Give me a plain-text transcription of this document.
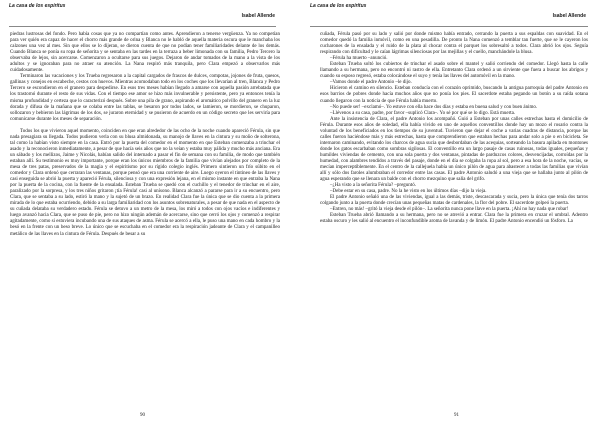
La casa de los espíritus
Isabel Allende

piedras lustrosas del fondo. Pero había cosas que ya no compartían como antes. Aprendieron a tenerse vergüenza. Ya no competían para ver quién era capaz de hacer el chorro más grande de orina y Blanca no le habló de aquella materia oscura que le manchaba los calzones una vez al mes. Sin que ellos se lo dijeran, se dieron cuenta de que no podían tener familiaridades delante de los demás. Cuando Blanca se ponía su ropa de señorita y se sentaba en las tardes en la terraza a beber limonada con su familia, Pedro Tercero la observaba de lejos, sin acercarse. Comenzaron a ocultarse para sus juegos. Dejaron de andar tomados de la mano a la vista de los adultos y se ignoraban para no atraer su atención. La Nana respiró más tranquila, pero Clara empezó a observarlos más cuidadosamente.

Terminaron las vacaciones y los Trueba regresaron a la capital cargados de frascos de dulces, compotas, jojones de fruta, quesos, gallinas y conejos en escabeche, cestos con huevos. Mientras acomodaban todo en los coches que los llevarían al tren, Blanca y Pedro Tercero se escondieron en el granero para despedirse. En esos tres meses habían llegado a amarse con aquella pasión arrebatada que los trastornó durante el resto de sus vidas. Con el tiempo ese amor se hizo más invulnerable y persistente, pero ya entonces tenía la misma profundidad y certeza que lo caracterizó después. Sobre una pila de grano, aspirando el aromático polvillo del granero en la luz dorada y difusa de la mañana que se colaba entre las tablas, se besaron por todos lados, se lamieron, se mordieron, se chuparon, sollozaron y bebieron las lágrimas de los dos, se juraron eternidad y se pusieron de acuerdo en un código secreto que les serviría para comunicarse durante los meses de separación.

Todos los que vivieron aquel momento, coinciden en que eran alrededor de las ocho de la noche cuando apareció Férula, sin que nada presagiara su llegada. Todos pudieron verla con su blusa almidonada, su manojo de llaves en la cintura y su moño de solterona, tal como la habían visto siempre en la casa. Entró por la puerta del comedor en el momento en que Esteban comenzaba a trinchar el asado y la reconocieron inmediatamente, a pesar de que hacía seis años que no la veían y estaba muy pálida y mucho más anciana. Era un sábado y los mellizos, Jaime y Nicolás, habían salido del internado a pasar el fin de semana con su familia, de modo que también estaban allí. Su testimonio es muy importante, porque eran los únicos miembros de la familia que vivían alejados por completo de la mesa de tres patas, preservados de la magia y el espiritismo por su rígido colegio inglés. Primero sintieron un frío súbito en el comedor y Clara ordenó que cerraran las ventanas, porque pensó que era una corriente de aire. Luego oyeron el tintineo de las llaves y casi enseguida se abrió la puerta y apareció Férula, silenciosa y con una expresión lejana, en el mismo instante en que entraba la Nana por la puerta de la cocina, con la fuente de la ensalada. Esteban Trueba se quedó con el cuchillo y el tenedor de trinchar en el aire, paralizado por la sorpresa, y los tres niños gritaron ¡tía Férula! casi al unísono. Blanca alcanzó a pararse para ir a su encuentro, pero Clara, que se sentaba a su lado, estiró la mano y la sujetó de un brazo. En realidad Clara fue la única que se dio cuenta a la primera mirada de lo que estaba ocurriendo, debido a su larga familiaridad con los asuntos sobrenaturales, a pesar de que nada en el aspecto de su cuñada delataba su verdadero estado. Férula se detuvo a un metro de la mesa, los miró a todos con ojos vacíos e indiferentes y luego avanzó hacia Clara, que se puso de pie, pero no hizo ningún ademán de acercarse, sino que cerró los ojos y comenzó a respirar agitadamente, como si estuviera incubando una de sus ataques de asma. Férula se acercó a ella, le puso una mano en cada hombro y la besó en la frente con un beso breve. Lo único que se escuchaba en el comedor era la respiración jadeante de Clara y el campanilleo metálico de las llaves en la cintura de Férula. Después de besar a su

90
La casa de los espíritus
Isabel Allende

cuñada, Férula pasó por su lado y salió por donde mismo había entrado, cerrando la puerta a sus espaldas con suavidad. En el comedor quedó la familia inmóvil, como en una pesadilla. De pronto la Nana comenzó a temblar tan fuerte, que se le cayeron los cucharones de la ensalada y el ruido de la plata al chocar contra el parquet los sobresaltó a todos. Clara abrió los ojos. Seguía respirando con dificultad y le caían lágrimas silenciosas por las mejillas y el cuello, manchándole la blusa.

–Férula ha muerto –anunció.

Esteban Trueba soltó los cubiertos de trinchar el asado sobre el mantel y salió corriendo del comedor. Llegó hasta la calle llamando a su hermana, pero no encontró ni rastro de ella. Entretanto Clara ordenó a un sirviente que fuera a buscar los abrigos y cuando su esposo regresó, estaba colocándose el suyo y tenía las llaves del automóvil en la mano.

–Vamos donde el padre Antonio –le dijo.

Hicieron el camino en silencio. Esteban conducía con el corazón oprimido, buscando la antigua parroquia del padre Antonio en esos barrios de pobres donde hacía muchos años que no ponía los pies. El sacerdote estaba pegando un botón a su raída sotana cuando llegaron con la noticia de que Férula había muerto.

–No puede ser! –exclamó–. Yo estuve con ella hace dos días y estaba en buena salud y con buen ánimo.

–Llévenos a su casa, padre, por favor –suplicó Clara–. Yo sé por qué se lo digo. Está muerta.

Ante la insistencia de Clara, el padre Antonio los acompañó. Guió a Esteban por unas calles estrechas hasta el domicilio de Férula. Durante esos años de soledad, ella había vivido en uno de aquellos conventillos donde hay un mozo el rosario contra la voluntad de los beneficiados en los tiempos de su juventud. Tuvieron que dejar el coche a varias cuadras de distancia, porque las calles fueron haciéndose más y más estrechas, hasta que comprendieron que estaban hechas para andar solo a pie o en bicicleta. Se internaron caminando, evitando los charcos de agua sucia que desbordaban de las acequias, sorteando la basura apilada en montones donde los gatos escarbaban como sombras sigilosas. El conventillo era un largo pasaje de casas ruinosas, todas iguales, pequeñas y humildes viviendas de cemento, con una sola puerta y dos ventanas, pintadas de parduzcos colores, desvencijadas, corroídas por la humedad, con alambres tendidos a través del pasaje, donde en el día se colgaba la ropa al sol, pero a esa hora de la noche, vacías, se mecían imperceptiblemente. En el centro de la callejuela había un único pilón de agua para abastecer a todas las familias que vivían allí y sólo dos faroles alumbraban el corredor entre las casas. El padre Antonio saludó a una vieja que se hallaba junto al pilón de agua esperando que se llenara un balde con el chorro mezquino que salía del grifo.

–¿Ha visto a la señorita Férula? –preguntó.

–Debe estar en su casa, padre. No la he visto en los últimos días –dijo la vieja.

El padre Antonio señaló una de las viviendas, igual a las demás, triste, descascarada y sucia, pero la única que tenía dos tarros colgando junto a la puerta donde crecían unas pequeñas matas de cardenales, la flor del pobre. El sacerdote golpeó la puerta.

–Entren, no más! –gritó la vieja desde el pilón–. La señorita nunca pone llave en la puerta. ¡Ahí no hay nada que robar!

Esteban Trueba abrió llamando a su hermana, pero no se atrevió a entrar. Clara fue la primera en cruzar el umbral. Adentro estaba oscuro y les salió al encuentro el inconfundible aroma de lavanda y de limón. El padre Antonio encendió un fósforo. La

91
